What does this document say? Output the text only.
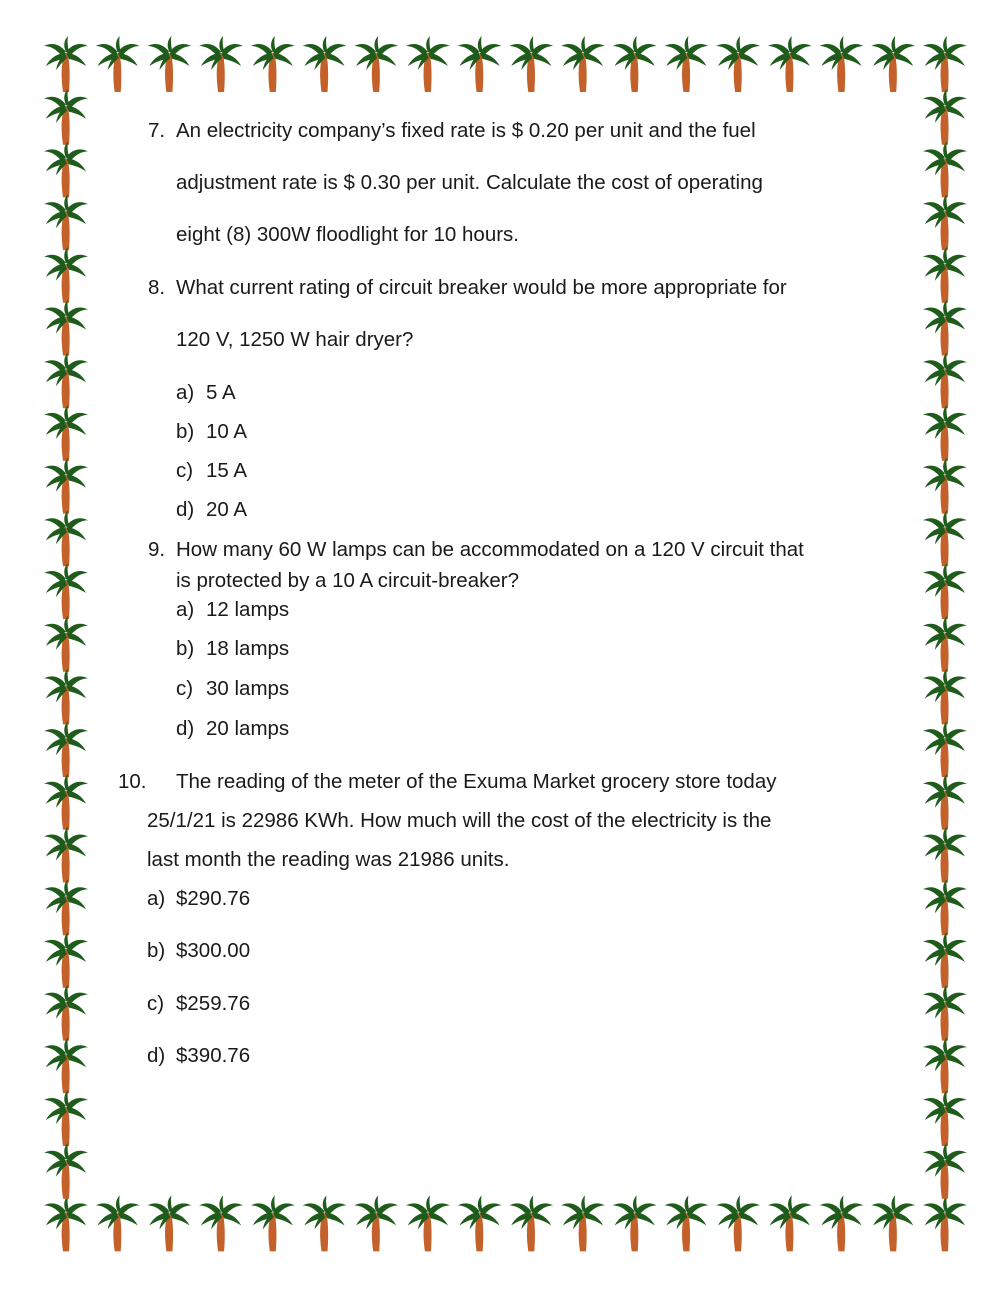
7. An electricity company’s fixed rate is $ 0.20 per unit and the fuel
adjustment rate is $ 0.30 per unit. Calculate the cost of operating
eight (8) 300W floodlight for 10 hours.
8. What current rating of circuit breaker would be more appropriate for
120 V, 1250 W hair dryer?
a) 5 A
b) 10 A
c) 15 A
d) 20 A
9. How many 60 W lamps can be accommodated on a 120 V circuit that
is protected by a 10 A circuit-breaker?
a) 12 lamps
b) 18 lamps
c) 30 lamps
d) 20 lamps
10. The reading of the meter of the Exuma Market grocery store today
25/1/21 is 22986 KWh. How much will the cost of the electricity is the
last month the reading was 21986 units.
a) $290.76
b) $300.00
c) $259.76
d) $390.76
